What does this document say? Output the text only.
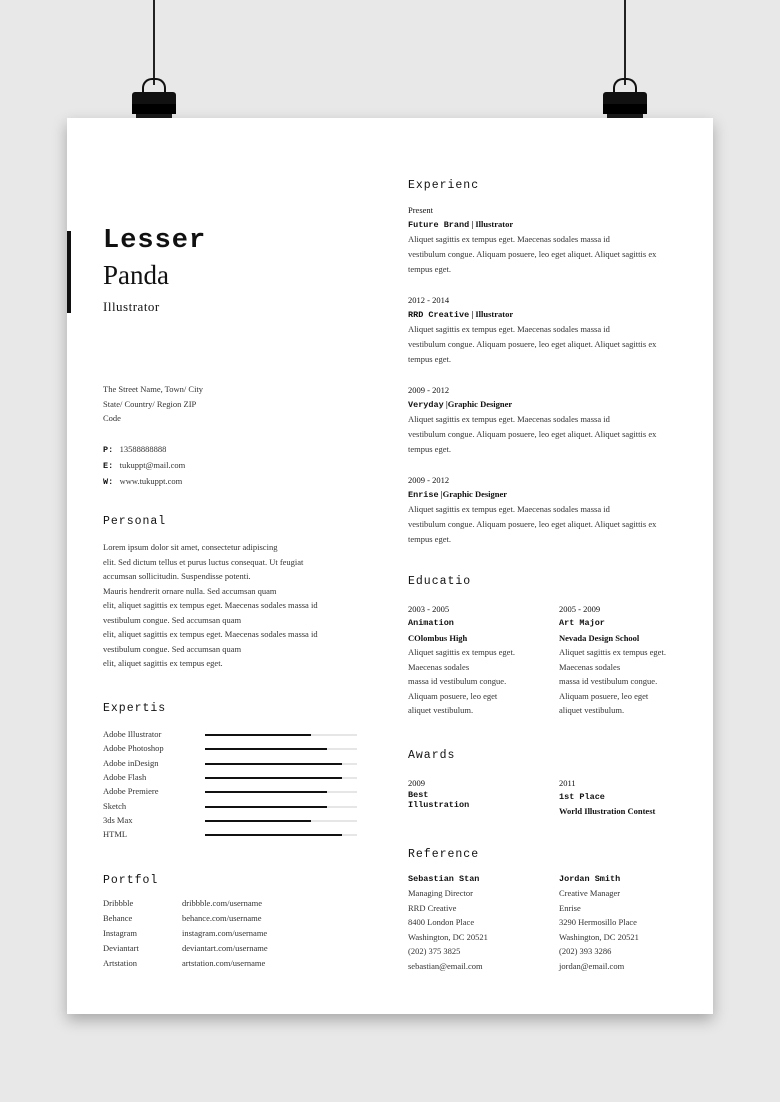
Lesser
Panda
Illustrator
The Street Name, Town/ City
State/ Country/ Region ZIP
Code
P: 13588888888
E: tukuppt@mail.com
W: www.tukuppt.com
Personal
Lorem ipsum dolor sit amet, consectetur adipiscing
elit. Sed dictum tellus et purus luctus consequat. Ut feugiat
accumsan sollicitudin. Suspendisse potenti.
Mauris hendrerit ornare nulla. Sed accumsan quam
elit, aliquet sagittis ex tempus eget. Maecenas sodales massa id
vestibulum congue. Sed accumsan quam
elit, aliquet sagittis ex tempus eget. Maecenas sodales massa id
vestibulum congue. Sed accumsan quam
elit, aliquet sagittis ex tempus eget.
Expertis
Adobe Illustrator
Adobe Photoshop
Adobe inDesign
Adobe Flash
Adobe Premiere
Sketch
3ds Max
HTML
Portfol
Dribbble	dribbble.com/username
Behance	behance.com/username
Instagram	instagram.com/username
Deviantart	deviantart.com/username
Artstation	artstation.com/username
Experienc
Present
Future Brand | Illustrator
Aliquet sagittis ex tempus eget. Maecenas sodales massa id
vestibulum congue. Aliquam posuere, leo eget aliquet. Aliquet sagittis ex
tempus eget.
2012 - 2014
RRD Creative | Illustrator
Aliquet sagittis ex tempus eget. Maecenas sodales massa id
vestibulum congue. Aliquam posuere, leo eget aliquet. Aliquet sagittis ex
tempus eget.
2009 - 2012
Veryday |Graphic Designer
Aliquet sagittis ex tempus eget. Maecenas sodales massa id
vestibulum congue. Aliquam posuere, leo eget aliquet. Aliquet sagittis ex
tempus eget.
2009 - 2012
Enrise |Graphic Designer
Aliquet sagittis ex tempus eget. Maecenas sodales massa id
vestibulum congue. Aliquam posuere, leo eget aliquet. Aliquet sagittis ex
tempus eget.
Educatio
2003 - 2005
Animation
COlombus High
Aliquet sagittis ex tempus eget.
Maecenas sodales
massa id vestibulum congue.
Aliquam posuere, leo eget
aliquet vestibulum.
2005 - 2009
Art Major
Nevada Design School
Aliquet sagittis ex tempus eget.
Maecenas sodales
massa id vestibulum congue.
Aliquam posuere, leo eget
aliquet vestibulum.
Awards
2009
Best
Illustration
2011
1st Place
World Illustration Contest
Reference
Sebastian Stan
Managing Director
RRD Creative
8400 London Place
Washington, DC 20521
(202) 375 3825
sebastian@email.com
Jordan Smith
Creative Manager
Enrise
3290 Hermosillo Place
Washington, DC 20521
(202) 393 3286
jordan@email.com
